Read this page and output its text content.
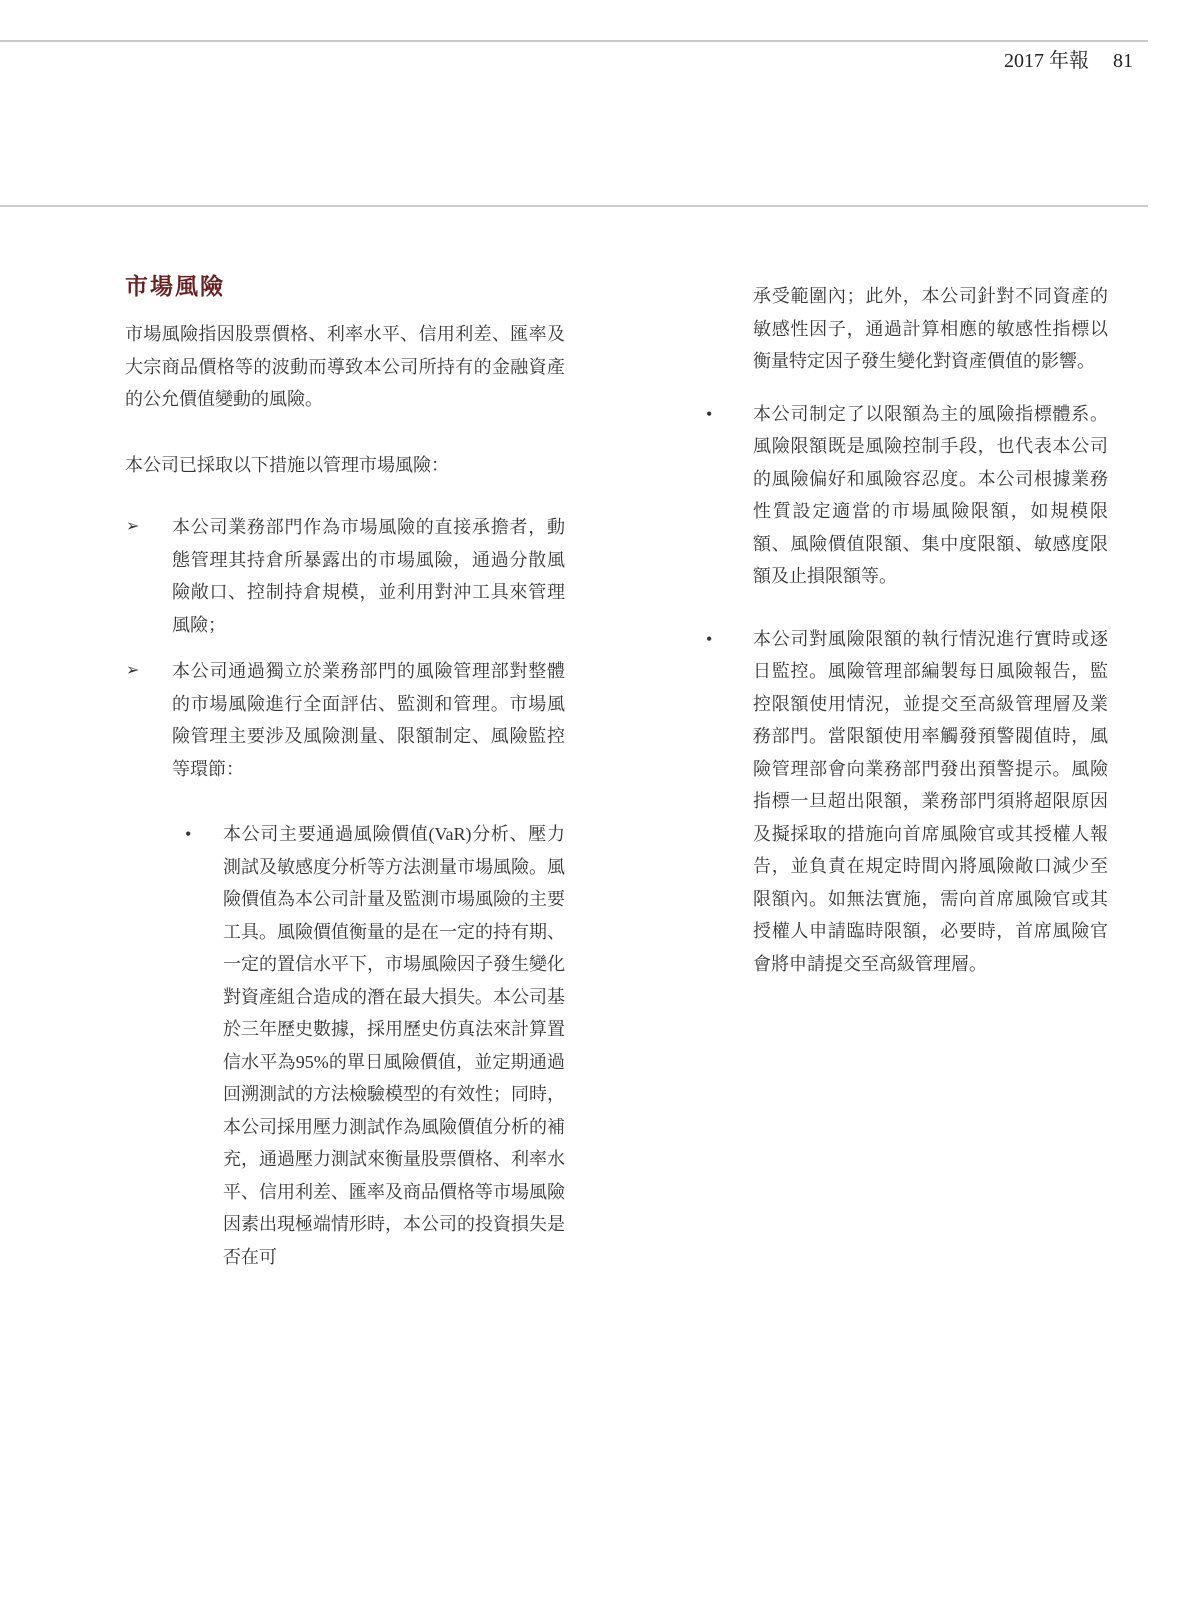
2017 年報 81
市場風險

市場風險指因股票價格、利率水平、信用利差、匯率及大宗商品價格等的波動而導致本公司所持有的金融資產的公允價值變動的風險。

本公司已採取以下措施以管理市場風險：

➢ 本公司業務部門作為市場風險的直接承擔者，動態管理其持倉所暴露出的市場風險，通過分散風險敞口、控制持倉規模，並利用對沖工具來管理風險；

➢ 本公司通過獨立於業務部門的風險管理部對整體的市場風險進行全面評估、監測和管理。市場風險管理主要涉及風險測量、限額制定、風險監控等環節：

• 本公司主要通過風險價值(VaR)分析、壓力測試及敏感度分析等方法測量市場風險。風險價值為本公司計量及監測市場風險的主要工具。風險價值衡量的是在一定的持有期、一定的置信水平下，市場風險因子發生變化對資產組合造成的潛在最大損失。本公司基於三年歷史數據，採用歷史仿真法來計算置信水平為95%的單日風險價值，並定期通過回溯測試的方法檢驗模型的有效性；同時，本公司採用壓力測試作為風險價值分析的補充，通過壓力測試來衡量股票價格、利率水平、信用利差、匯率及商品價格等市場風險因素出現極端情形時，本公司的投資損失是否在可

承受範圍內；此外，本公司針對不同資產的敏感性因子，通過計算相應的敏感性指標以衡量特定因子發生變化對資產價值的影響。

• 本公司制定了以限額為主的風險指標體系。風險限額既是風險控制手段，也代表本公司的風險偏好和風險容忍度。本公司根據業務性質設定適當的市場風險限額，如規模限額、風險價值限額、集中度限額、敏感度限額及止損限額等。

• 本公司對風險限額的執行情況進行實時或逐日監控。風險管理部編製每日風險報告，監控限額使用情況，並提交至高級管理層及業務部門。當限額使用率觸發預警閥值時，風險管理部會向業務部門發出預警提示。風險指標一旦超出限額，業務部門須將超限原因及擬採取的措施向首席風險官或其授權人報告，並負責在規定時間內將風險敞口減少至限額內。如無法實施，需向首席風險官或其授權人申請臨時限額，必要時，首席風險官會將申請提交至高級管理層。
